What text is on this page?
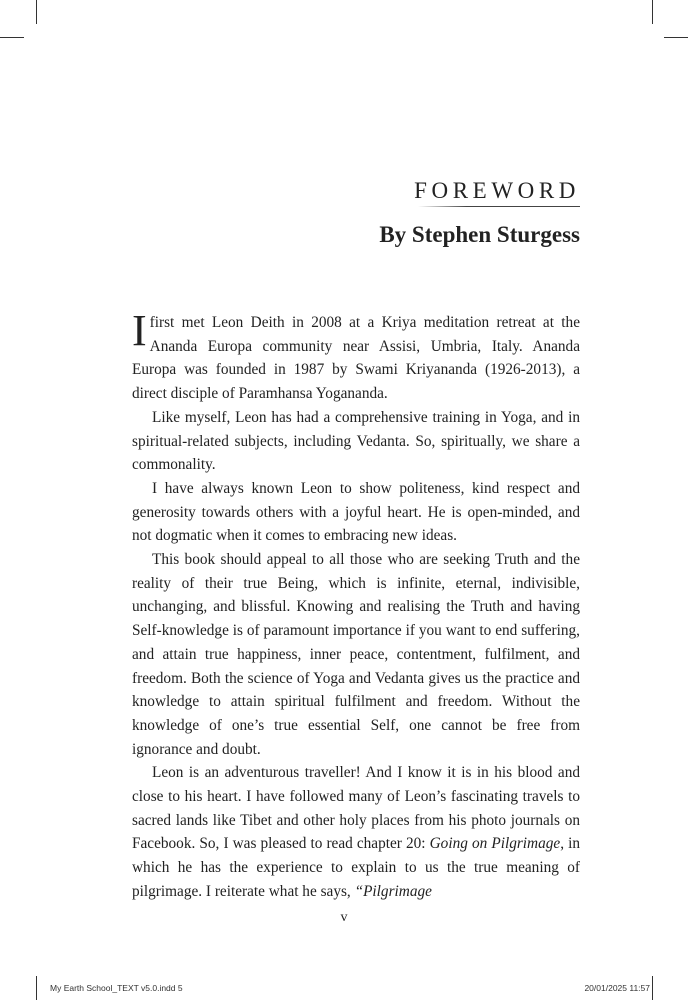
FOREWORD
By Stephen Sturgess

I first met Leon Deith in 2008 at a Kriya meditation retreat at the Ananda Europa community near Assisi, Umbria, Italy. Ananda Europa was founded in 1987 by Swami Kriyananda (1926-2013), a direct disciple of Paramhansa Yogananda.

Like myself, Leon has had a comprehensive training in Yoga, and in spiritual-related subjects, including Vedanta. So, spiritually, we share a commonality.

I have always known Leon to show politeness, kind respect and generosity towards others with a joyful heart. He is open-minded, and not dogmatic when it comes to embracing new ideas.

This book should appeal to all those who are seeking Truth and the reality of their true Being, which is infinite, eternal, indivisible, unchanging, and blissful. Knowing and realising the Truth and having Self-knowledge is of paramount importance if you want to end suffering, and attain true happiness, inner peace, contentment, fulfilment, and freedom. Both the science of Yoga and Vedanta gives us the practice and knowledge to attain spiritual fulfilment and freedom. Without the knowledge of one’s true essential Self, one cannot be free from ignorance and doubt.

Leon is an adventurous traveller! And I know it is in his blood and close to his heart. I have followed many of Leon’s fascinating travels to sacred lands like Tibet and other holy places from his photo journals on Facebook. So, I was pleased to read chapter 20: Going on Pilgrimage, in which he has the experience to explain to us the true meaning of pilgrimage. I reiterate what he says, “Pilgrimage

v
My Earth School_TEXT v5.0.indd 5	20/01/2025 11:57
